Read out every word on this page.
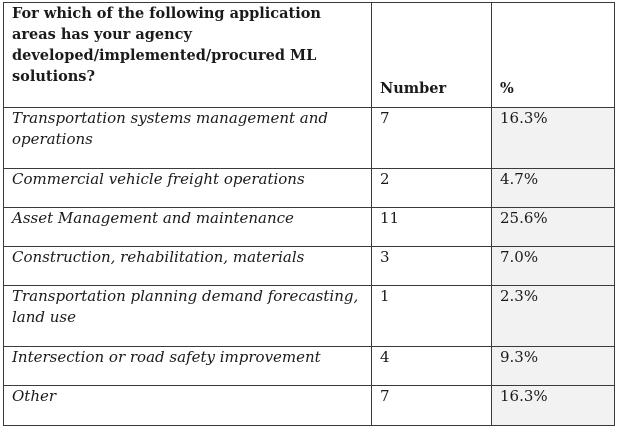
For which of the following application areas has your agency developed/implemented/procured ML solutions?	Number	%
Transportation systems management and operations	7	16.3%
Commercial vehicle freight operations	2	4.7%
Asset Management and maintenance	11	25.6%
Construction, rehabilitation, materials	3	7.0%
Transportation planning demand forecasting, land use	1	2.3%
Intersection or road safety improvement	4	9.3%
Other	7	16.3%
